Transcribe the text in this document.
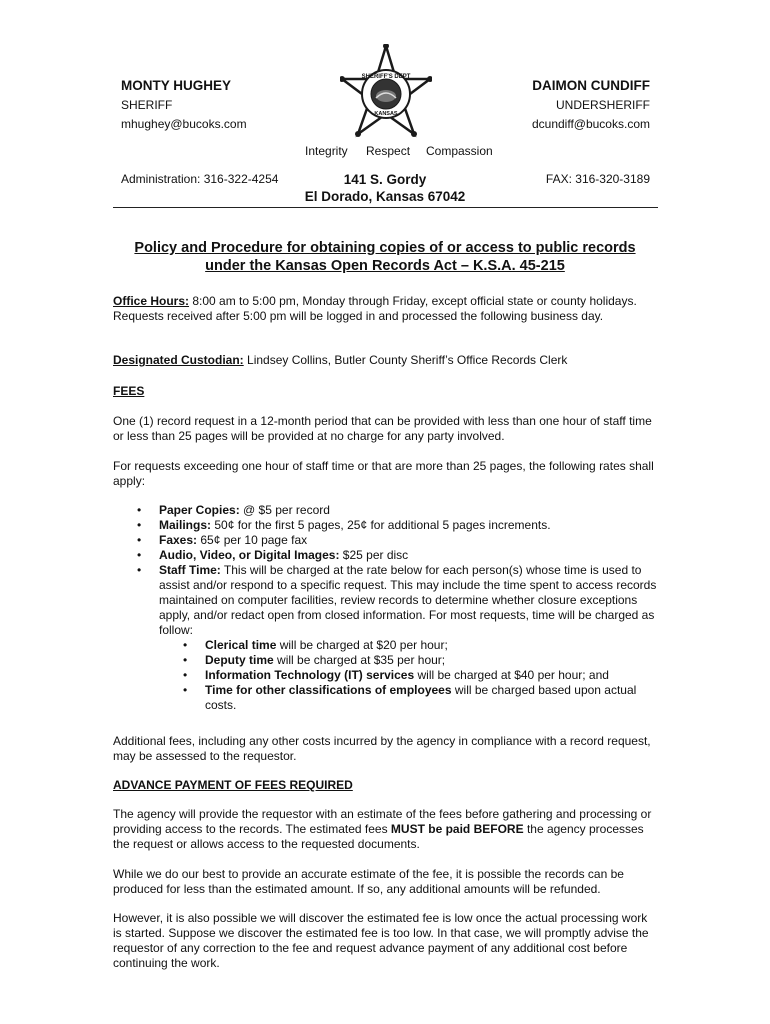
MONTY HUGHEY
SHERIFF
mhughey@bucoks.com
DAIMON CUNDIFF
UNDERSHERIFF
dcundiff@bucoks.com
SHERIFF'S DEPT
KANSAS
Integrity Respect Compassion
Administration: 316-322-4254	FAX: 316-320-3189
141 S. Gordy
El Dorado, Kansas 67042
Policy and Procedure for obtaining copies of or access to public records
under the Kansas Open Records Act – K.S.A. 45-215

Office Hours: 8:00 am to 5:00 pm, Monday through Friday, except official state or county holidays. Requests received after 5:00 pm will be logged in and processed the following business day.

Designated Custodian: Lindsey Collins, Butler County Sheriff’s Office Records Clerk

FEES

One (1) record request in a 12-month period that can be provided with less than one hour of staff time or less than 25 pages will be provided at no charge for any party involved.
For requests exceeding one hour of staff time or that are more than 25 pages, the following rates shall apply:
• Paper Copies: @ $5 per record
• Mailings: 50¢ for the first 5 pages, 25¢ for additional 5 pages increments.
• Faxes: 65¢ per 10 page fax
• Audio, Video, or Digital Images: $25 per disc
• Staff Time: This will be charged at the rate below for each person(s) whose time is used to assist and/or respond to a specific request. This may include the time spent to access records maintained on computer facilities, review records to determine whether closure exceptions apply, and/or redact open from closed information. For most requests, time will be charged as follow:
• Clerical time will be charged at $20 per hour;
• Deputy time will be charged at $35 per hour;
• Information Technology (IT) services will be charged at $40 per hour; and
• Time for other classifications of employees will be charged based upon actual costs.
Additional fees, including any other costs incurred by the agency in compliance with a record request, may be assessed to the requestor.

ADVANCE PAYMENT OF FEES REQUIRED

The agency will provide the requestor with an estimate of the fees before gathering and processing or providing access to the records. The estimated fees MUST be paid BEFORE the agency processes the request or allows access to the requested documents.

While we do our best to provide an accurate estimate of the fee, it is possible the records can be produced for less than the estimated amount. If so, any additional amounts will be refunded.
However, it is also possible we will discover the estimated fee is low once the actual processing work is started. Suppose we discover the estimated fee is too low. In that case, we will promptly advise the requestor of any correction to the fee and request advance payment of any additional cost before continuing the work.
